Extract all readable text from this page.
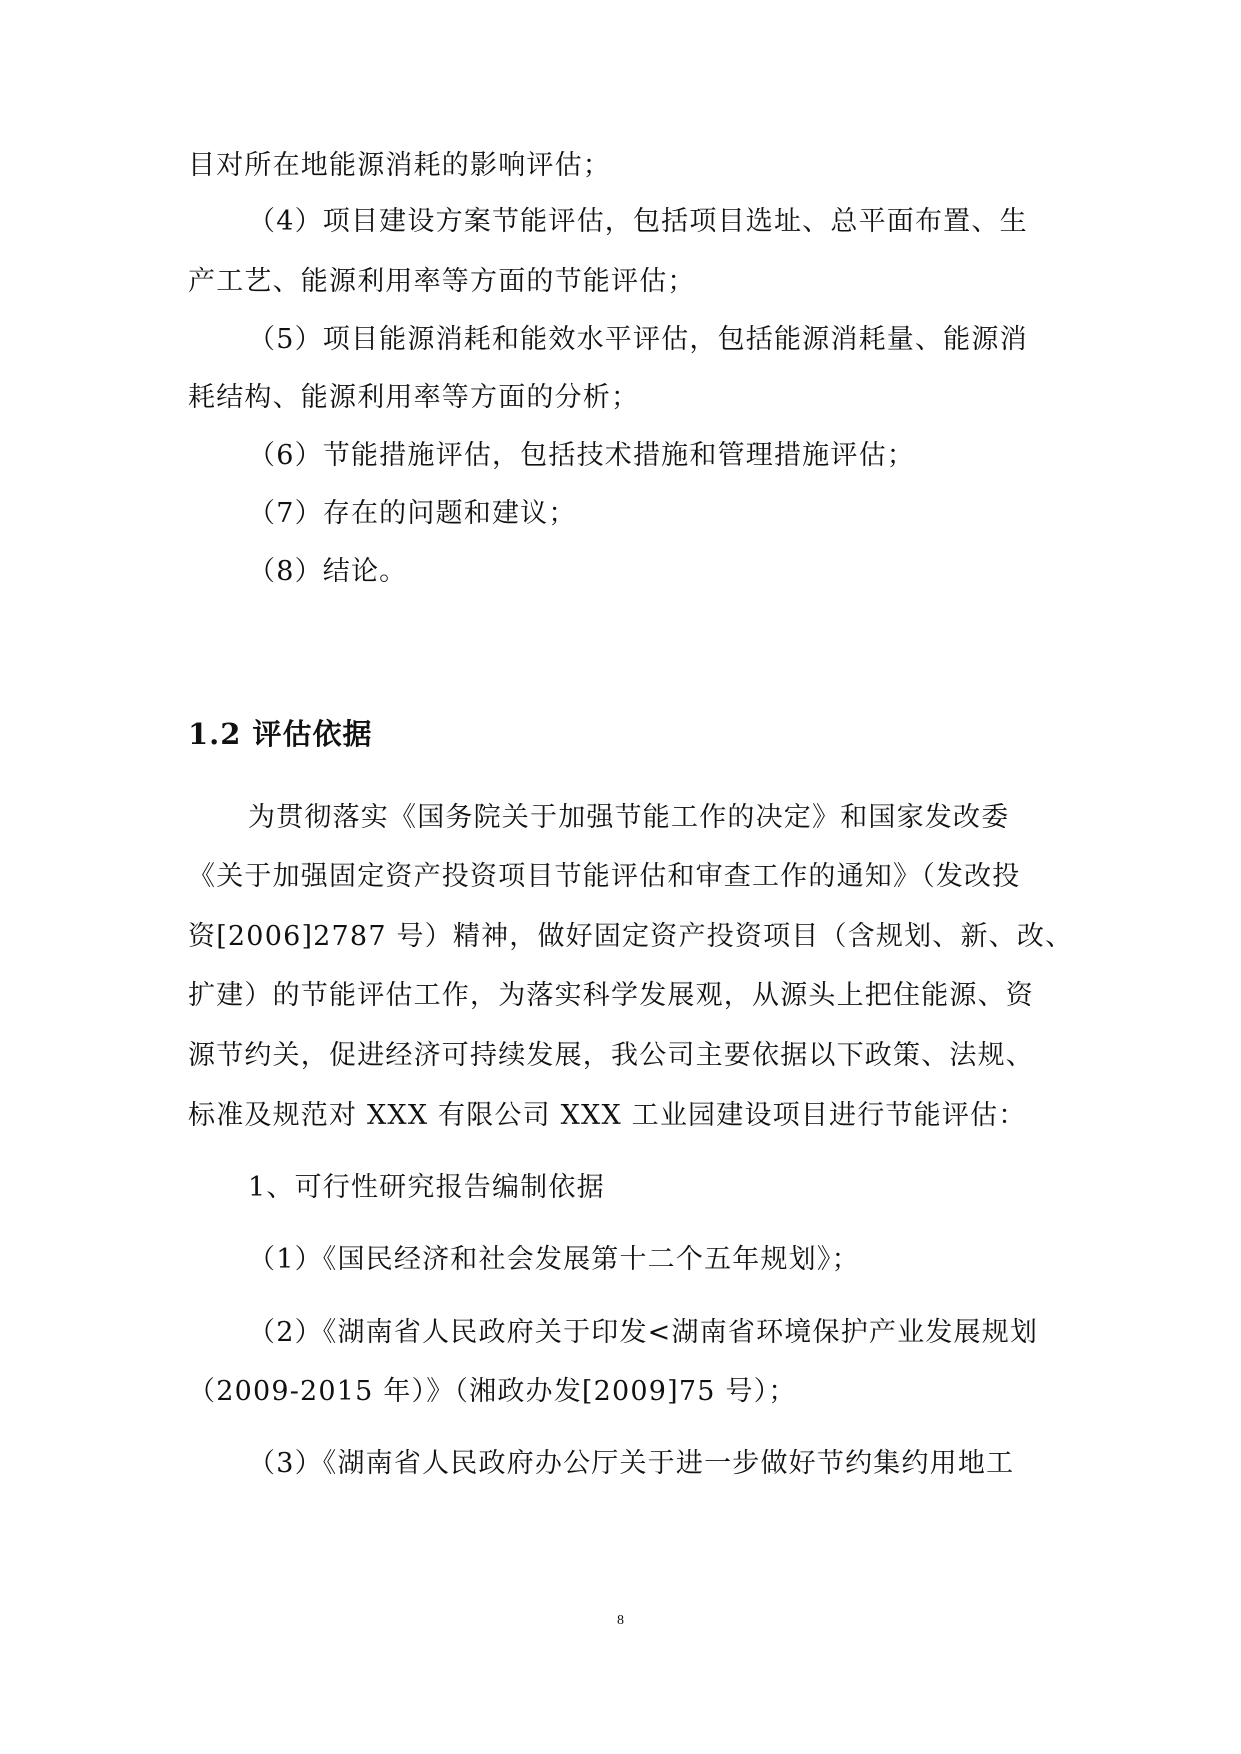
目对所在地能源消耗的影响评估；
（4）项目建设方案节能评估，包括项目选址、总平面布置、生
产工艺、能源利用率等方面的节能评估；
（5）项目能源消耗和能效水平评估，包括能源消耗量、能源消
耗结构、能源利用率等方面的分析；
（6）节能措施评估，包括技术措施和管理措施评估；
（7）存在的问题和建议；
（8）结论。
1.2 评估依据
为贯彻落实《国务院关于加强节能工作的决定》和国家发改委
《关于加强固定资产投资项目节能评估和审查工作的通知》（发改投
资[2006]2787 号）精神，做好固定资产投资项目（含规划、新、改、
扩建）的节能评估工作，为落实科学发展观，从源头上把住能源、资
源节约关，促进经济可持续发展，我公司主要依据以下政策、法规、
标准及规范对 XXX 有限公司 XXX 工业园建设项目进行节能评估：
1、可行性研究报告编制依据
（1）《国民经济和社会发展第十二个五年规划》；
（2）《湖南省人民政府关于印发<湖南省环境保护产业发展规划
（2009-2015 年）》（湘政办发[2009]75 号）；
（3）《湖南省人民政府办公厅关于进一步做好节约集约用地工
8
